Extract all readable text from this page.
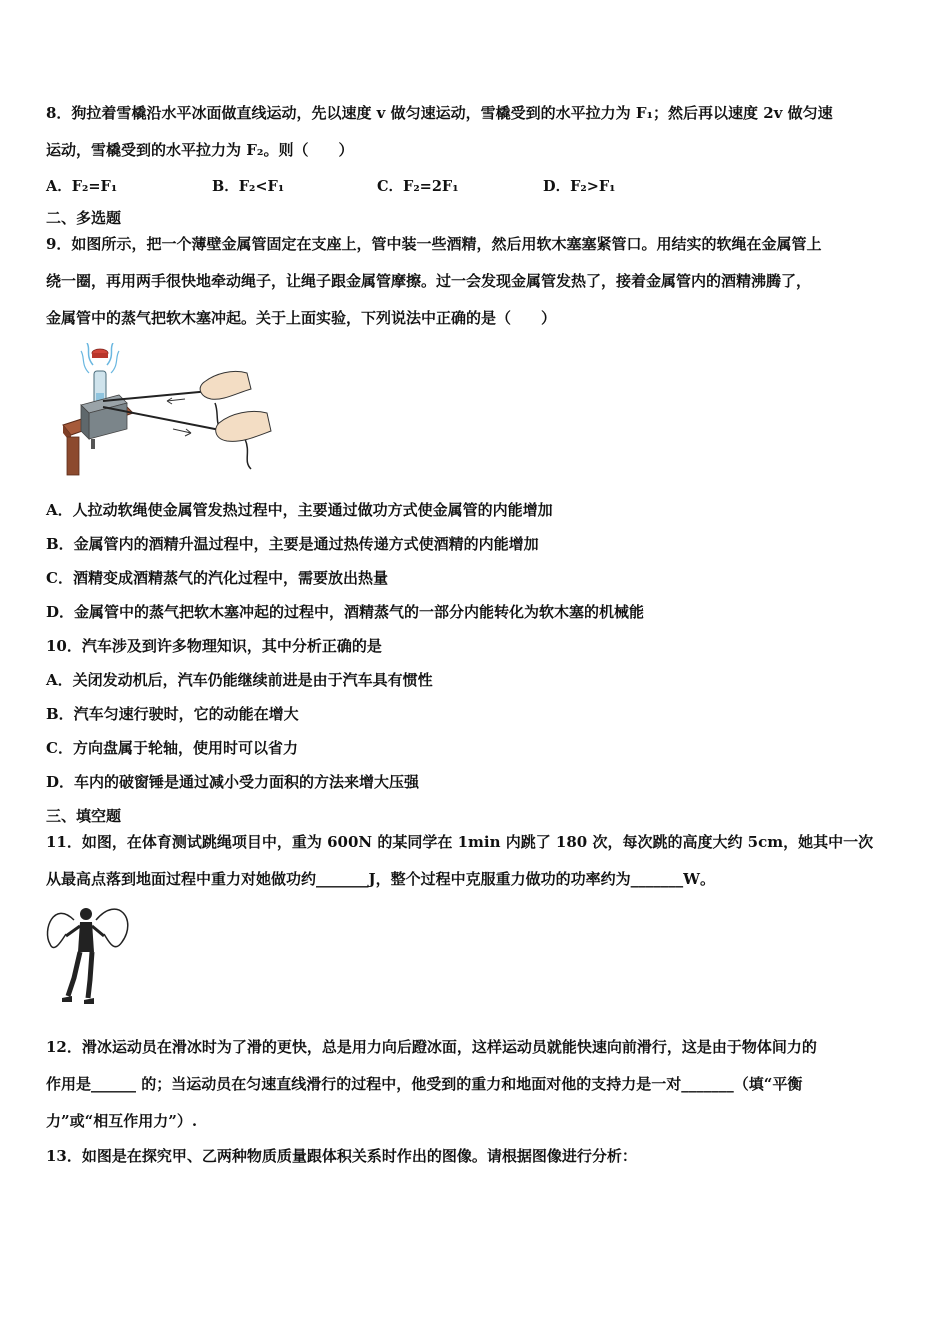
8．狗拉着雪橇沿水平冰面做直线运动，先以速度 v 做匀速运动，雪橇受到的水平拉力为 F₁；然后再以速度 2v 做匀速
运动，雪橇受到的水平拉力为 F₂。则（　　）
A．F₂=F₁	B．F₂<F₁	C．F₂=2F₁	D．F₂>F₁
二、多选题
9．如图所示，把一个薄壁金属管固定在支座上，管中装一些酒精，然后用软木塞塞紧管口。用结实的软绳在金属管上
绕一圈，再用两手很快地牵动绳子，让绳子跟金属管摩擦。过一会发现金属管发热了，接着金属管内的酒精沸腾了，
金属管中的蒸气把软木塞冲起。关于上面实验，下列说法中正确的是（　　）
A．人拉动软绳使金属管发热过程中，主要通过做功方式使金属管的内能增加
B．金属管内的酒精升温过程中，主要是通过热传递方式使酒精的内能增加
C．酒精变成酒精蒸气的汽化过程中，需要放出热量
D．金属管中的蒸气把软木塞冲起的过程中，酒精蒸气的一部分内能转化为软木塞的机械能
10．汽车涉及到许多物理知识，其中分析正确的是
A．关闭发动机后，汽车仍能继续前进是由于汽车具有惯性
B．汽车匀速行驶时，它的动能在增大
C．方向盘属于轮轴，使用时可以省力
D．车内的破窗锤是通过减小受力面积的方法来增大压强
三、填空题
11．如图，在体育测试跳绳项目中，重为 600N 的某同学在 1min 内跳了 180 次，每次跳的高度大约 5cm，她其中一次
从最高点落到地面过程中重力对她做功约_______J，整个过程中克服重力做功的功率约为_______W。
12．滑冰运动员在滑冰时为了滑的更快，总是用力向后蹬冰面，这样运动员就能快速向前滑行，这是由于物体间力的
作用是______ 的；当运动员在匀速直线滑行的过程中，他受到的重力和地面对他的支持力是一对_______（填“平衡
力”或“相互作用力”）.
13．如图是在探究甲、乙两种物质质量跟体积关系时作出的图像。请根据图像进行分析：
